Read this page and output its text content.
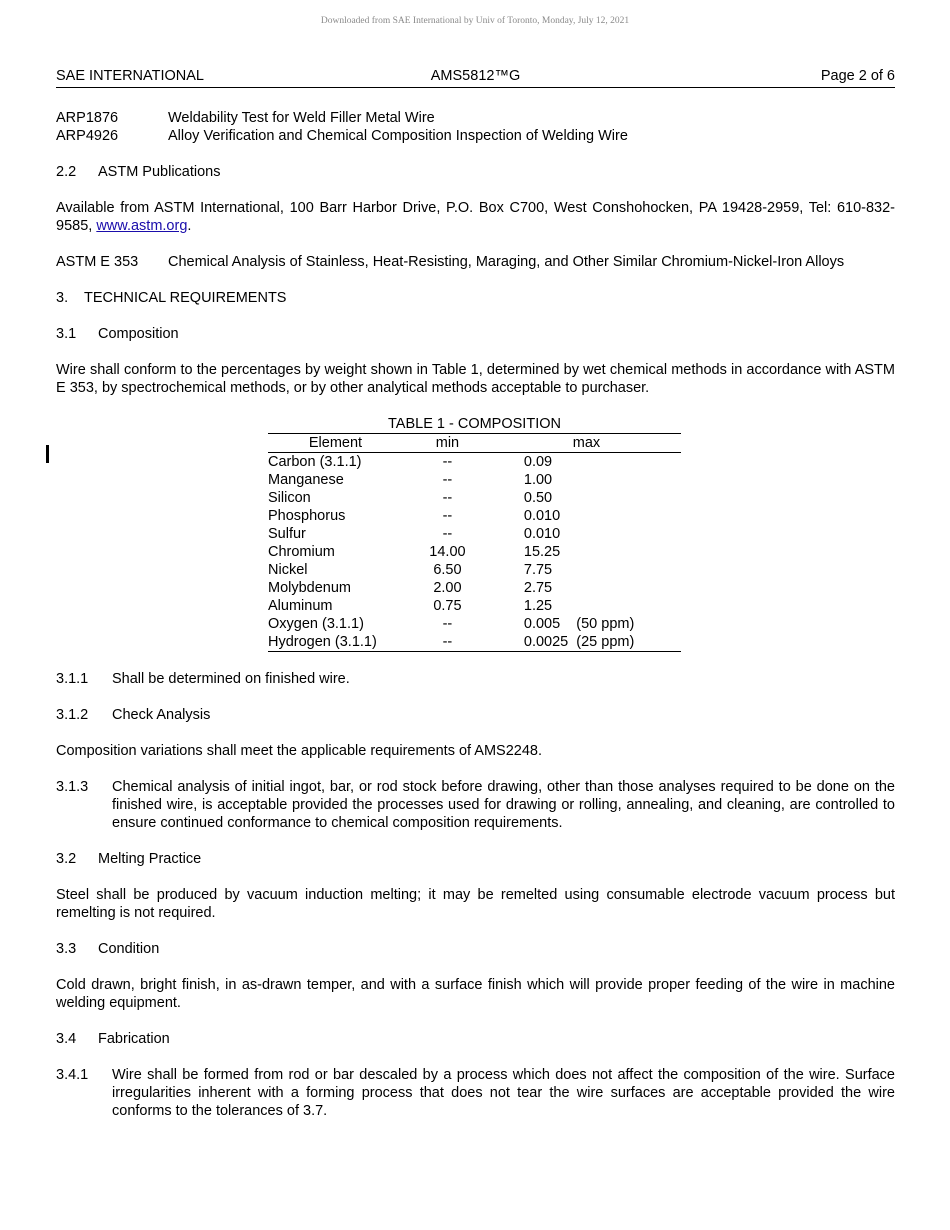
Downloaded from SAE International by Univ of Toronto, Monday, July 12, 2021
SAE INTERNATIONAL	AMS5812™G	Page 2 of 6
ARP1876	Weldability Test for Weld Filler Metal Wire
ARP4926	Alloy Verification and Chemical Composition Inspection of Welding Wire
2.2	ASTM Publications
Available from ASTM International, 100 Barr Harbor Drive, P.O. Box C700, West Conshohocken, PA 19428-2959, Tel: 610-832-9585, www.astm.org.
ASTM E 353	Chemical Analysis of Stainless, Heat-Resisting, Maraging, and Other Similar Chromium-Nickel-Iron Alloys
3.	TECHNICAL REQUIREMENTS
3.1	Composition
Wire shall conform to the percentages by weight shown in Table 1, determined by wet chemical methods in accordance with ASTM E 353, by spectrochemical methods, or by other analytical methods acceptable to purchaser.
TABLE 1 - COMPOSITION
Element	min	max
Carbon (3.1.1)	--	0.09
Manganese	--	1.00
Silicon	--	0.50
Phosphorus	--	0.010
Sulfur	--	0.010
Chromium	14.00	15.25
Nickel	6.50	7.75
Molybdenum	2.00	2.75
Aluminum	0.75	1.25
Oxygen (3.1.1)	--	0.005    (50 ppm)
Hydrogen (3.1.1)	--	0.0025  (25 ppm)
3.1.1	Shall be determined on finished wire.
3.1.2	Check Analysis
Composition variations shall meet the applicable requirements of AMS2248.
3.1.3	Chemical analysis of initial ingot, bar, or rod stock before drawing, other than those analyses required to be done on the finished wire, is acceptable provided the processes used for drawing or rolling, annealing, and cleaning, are controlled to ensure continued conformance to chemical composition requirements.
3.2	Melting Practice
Steel shall be produced by vacuum induction melting; it may be remelted using consumable electrode vacuum process but remelting is not required.
3.3	Condition
Cold drawn, bright finish, in as-drawn temper, and with a surface finish which will provide proper feeding of the wire in machine welding equipment.
3.4	Fabrication
3.4.1	Wire shall be formed from rod or bar descaled by a process which does not affect the composition of the wire. Surface irregularities inherent with a forming process that does not tear the wire surfaces are acceptable provided the wire conforms to the tolerances of 3.7.
